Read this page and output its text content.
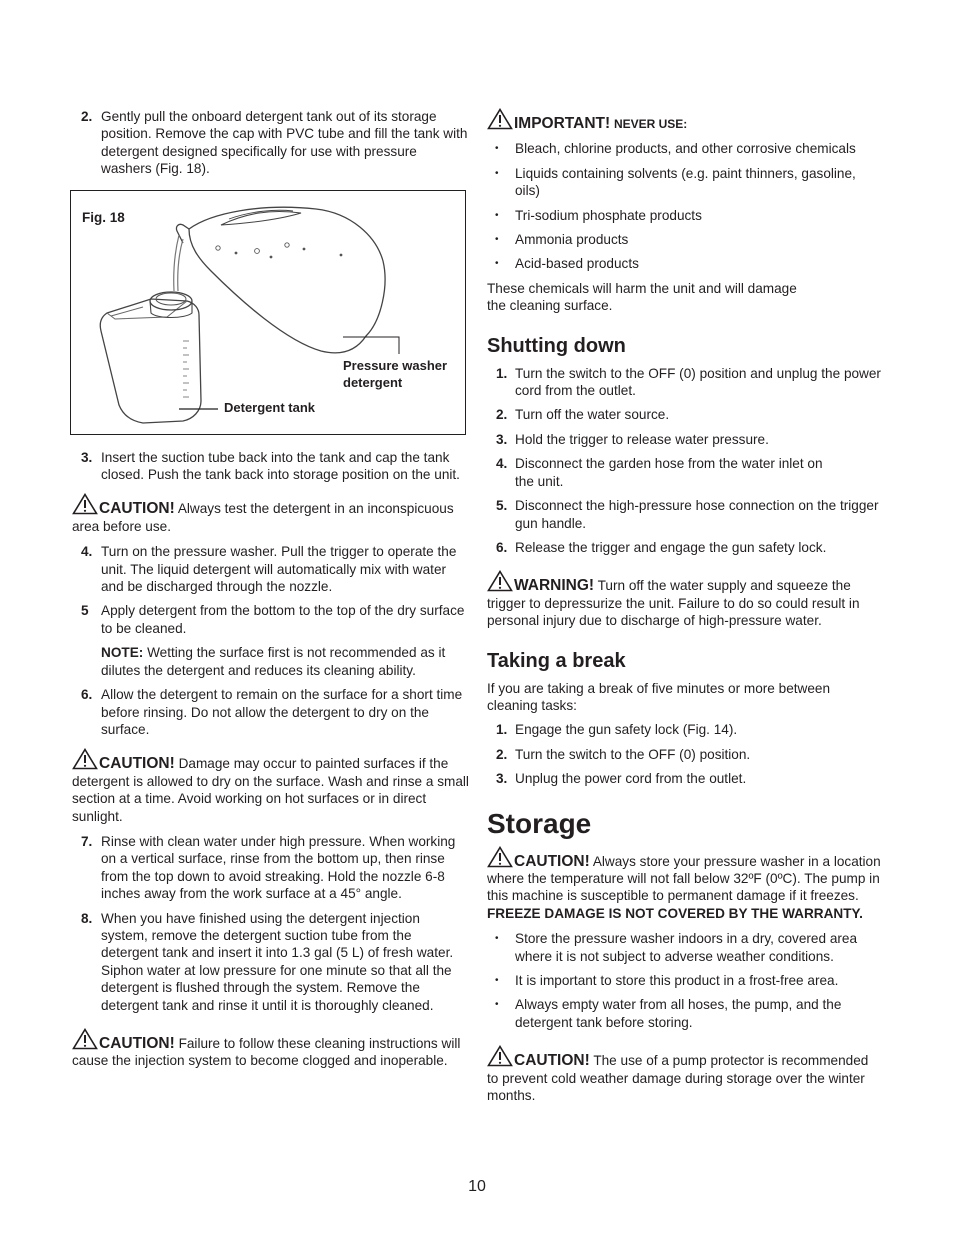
2. Gently pull the onboard detergent tank out of its storage position. Remove the cap with PVC tube and fill the tank with detergent designed specifically for use with pressure washers (Fig. 18).
Fig. 18
Pressure washer detergent
Detergent tank
3. Insert the suction tube back into the tank and cap the tank closed. Push the tank back into storage position on the unit.
CAUTION! Always test the detergent in an inconspicuous area before use.
4. Turn on the pressure washer. Pull the trigger to operate the unit. The liquid detergent will automatically mix with water and be discharged through the nozzle.
5 Apply detergent from the bottom to the top of the dry surface to be cleaned.
NOTE: Wetting the surface first is not recommended as it dilutes the detergent and reduces its cleaning ability.
6. Allow the detergent to remain on the surface for a short time before rinsing. Do not allow the detergent to dry on the surface.
CAUTION! Damage may occur to painted surfaces if the detergent is allowed to dry on the surface. Wash and rinse a small section at a time. Avoid working on hot surfaces or in direct sunlight.
7. Rinse with clean water under high pressure. When working on a vertical surface, rinse from the bottom up, then rinse from the top down to avoid streaking. Hold the nozzle 6-8 inches away from the work surface at a 45° angle.
8. When you have finished using the detergent injection system, remove the detergent suction tube from the detergent tank and insert it into 1.3 gal (5 L) of fresh water. Siphon water at low pressure for one minute so that all the detergent is flushed through the system. Remove the detergent tank and rinse it until it is thoroughly cleaned.
CAUTION! Failure to follow these cleaning instructions will cause the injection system to become clogged and inoperable.
IMPORTANT! NEVER USE:
• Bleach, chlorine products, and other corrosive chemicals
• Liquids containing solvents (e.g. paint thinners, gasoline, oils)
• Tri-sodium phosphate products
• Ammonia products
• Acid-based products

These chemicals will harm the unit and will damage the cleaning surface.

Shutting down
1. Turn the switch to the OFF (0) position and unplug the power cord from the outlet.
2. Turn off the water source.
3. Hold the trigger to release water pressure.
4. Disconnect the garden hose from the water inlet on the unit.
5. Disconnect the high-pressure hose connection on the trigger gun handle.
6. Release the trigger and engage the gun safety lock.
WARNING! Turn off the water supply and squeeze the trigger to depressurize the unit. Failure to do so could result in personal injury due to discharge of high-pressure water.
Taking a break

If you are taking a break of five minutes or more between cleaning tasks:

1. Engage the gun safety lock (Fig. 14).
2. Turn the switch to the OFF (0) position.
3. Unplug the power cord from the outlet.
Storage
CAUTION! Always store your pressure washer in a location where the temperature will not fall below 32ºF (0ºC). The pump in this machine is susceptible to permanent damage if it freezes. FREEZE DAMAGE IS NOT COVERED BY THE WARRANTY.
• Store the pressure washer indoors in a dry, covered area where it is not subject to adverse weather conditions.
• It is important to store this product in a frost-free area.
• Always empty water from all hoses, the pump, and the detergent tank before storing.
CAUTION! The use of a pump protector is recommended to prevent cold weather damage during storage over the winter months.
10
